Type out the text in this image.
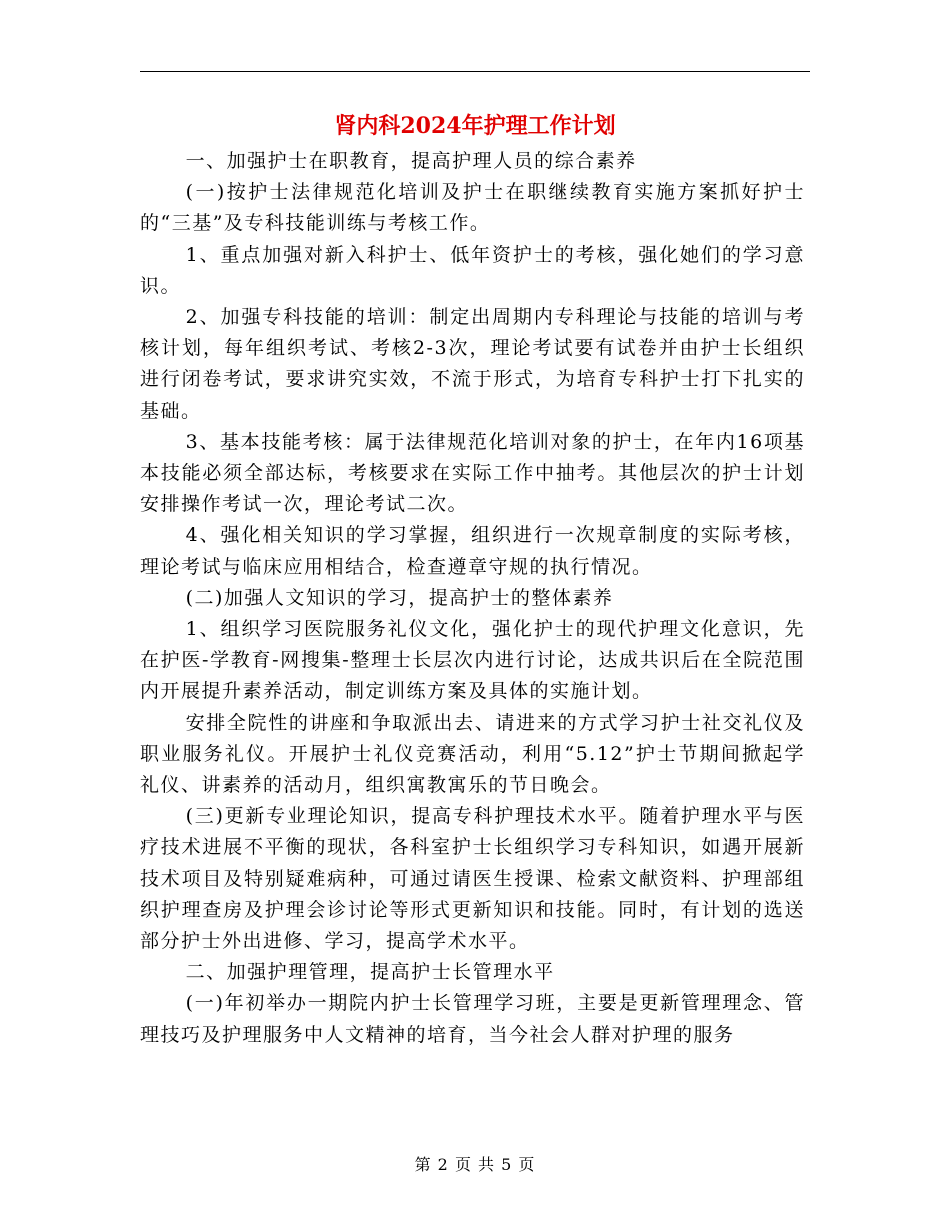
肾内科2024年护理工作计划

一、加强护士在职教育，提高护理人员的综合素养

(一)按护士法律规范化培训及护士在职继续教育实施方案抓好护士的“三基”及专科技能训练与考核工作。

1、重点加强对新入科护士、低年资护士的考核，强化她们的学习意识。

2、加强专科技能的培训：制定出周期内专科理论与技能的培训与考核计划，每年组织考试、考核2-3次，理论考试要有试卷并由护士长组织进行闭卷考试，要求讲究实效，不流于形式，为培育专科护士打下扎实的基础。

3、基本技能考核：属于法律规范化培训对象的护士，在年内16项基本技能必须全部达标，考核要求在实际工作中抽考。其他层次的护士计划安排操作考试一次，理论考试二次。

4、强化相关知识的学习掌握，组织进行一次规章制度的实际考核，理论考试与临床应用相结合，检查遵章守规的执行情况。

(二)加强人文知识的学习，提高护士的整体素养

1、组织学习医院服务礼仪文化，强化护士的现代护理文化意识，先在护医-学教育-网搜集-整理士长层次内进行讨论，达成共识后在全院范围内开展提升素养活动，制定训练方案及具体的实施计划。

安排全院性的讲座和争取派出去、请进来的方式学习护士社交礼仪及职业服务礼仪。开展护士礼仪竞赛活动，利用“5.12”护士节期间掀起学礼仪、讲素养的活动月，组织寓教寓乐的节日晚会。

(三)更新专业理论知识，提高专科护理技术水平。随着护理水平与医疗技术进展不平衡的现状，各科室护士长组织学习专科知识，如遇开展新技术项目及特别疑难病种，可通过请医生授课、检索文献资料、护理部组织护理查房及护理会诊讨论等形式更新知识和技能。同时，有计划的选送部分护士外出进修、学习，提高学术水平。

二、加强护理管理，提高护士长管理水平

(一)年初举办一期院内护士长管理学习班，主要是更新管理理念、管理技巧及护理服务中人文精神的培育，当今社会人群对护理的服务

第 2 页 共 5 页
